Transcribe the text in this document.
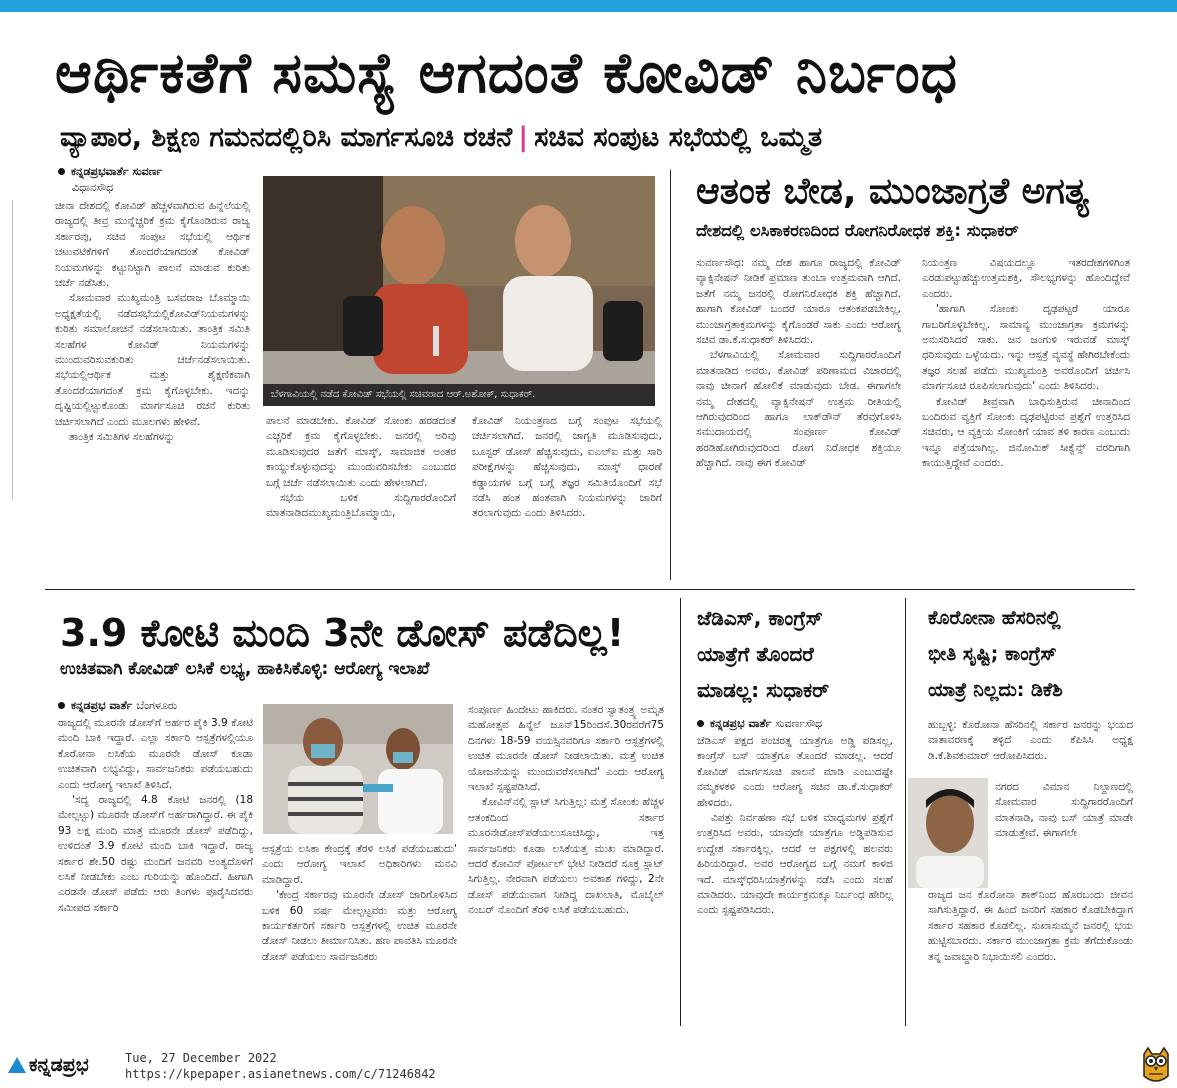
ಆರ್ಥಿಕತೆಗೆ ಸಮಸ್ಯೆ ಆಗದಂತೆ ಕೋವಿಡ್ ನಿರ್ಬಂಧ
ವ್ಯಾಪಾರ, ಶಿಕ್ಷಣ ಗಮನದಲ್ಲಿರಿಸಿ ಮಾರ್ಗಸೂಚಿ ರಚನೆ | ಸಚಿವ ಸಂಪುಟ ಸಭೆಯಲ್ಲಿ ಒಮ್ಮತ
ಕನ್ನಡಪ್ರಭವಾರ್ತೆ ಸುವರ್ಣ
ವಿಧಾನಸೌಧ

ಚೀನಾ ದೇಶದಲ್ಲಿ ಕೋವಿಡ್ ಹೆಚ್ಚಳವಾಗಿರುವ ಹಿನ್ನೆಲೆಯಲ್ಲಿ ರಾಜ್ಯದಲ್ಲಿ ತೀವ್ರ ಮುನ್ನೆಚ್ಚರಿಕೆ ಕ್ರಮ ಕೈಗೊಂಡಿರುವ ರಾಜ್ಯ ಸರ್ಕಾರವು, ಸಚಿವ ಸಂಪುಟ ಸಭೆಯಲ್ಲಿ ಆರ್ಥಿಕ ಚಟುವಟಿಕೆಗಳಿಗೆ ತೊಂದರೆಯಾಗದಂತೆ ಕೋವಿಡ್ ನಿಯಮಗಳನ್ನು ಕಟ್ಟುನಿಟ್ಟಾಗಿ ಪಾಲನೆ ಮಾಡುವ ಕುರಿತು ಚರ್ಚೆ ನಡೆಸಿತು.

ಸೋಮವಾರ ಮುಖ್ಯಮಂತ್ರಿ ಬಸವರಾಜ ಬೊಮ್ಮಾಯಿ ಅಧ್ಯಕ್ಷತೆಯಲ್ಲಿ ನಡೆದಸಭೆಯಲ್ಲಿಕೋವಿಡ್‌ನಿಯಮಗಳನ್ನು ಕುರಿತು ಸಮಾಲೋಚನೆ ನಡೆಸಲಾಯಿತು. ತಾಂತ್ರಿಕ ಸಮಿತಿ ಸಲಹೆಗಳ ಕೋವಿಡ್ ನಿಯಮಗಳನ್ನು ಮುಂದುವರಿಸುವಕುರಿತು ಚರ್ಚೆನಡೆಸಲಾಯಿತು. ಸಭೆಯಲ್ಲಿಆರ್ಥಿಕ ಮತ್ತು ಶೈಕ್ಷಣಿಕವಾಗಿ ತೊಂದರೆಯಾಗದಂತೆ ಕ್ರಮ ಕೈಗೊಳ್ಳಬೇಕು. ಇದನ್ನು ದೃಷ್ಟಿಯಲ್ಲಿಟ್ಟುಕೊಂಡು ಮಾರ್ಗಸೂಚಿ ರಚನೆ ಕುರಿತು ಚರ್ಚಿಸಲಾಗಿದೆ ಎಂದು ಮೂಲಗಳು ಹೇಳಿವೆ.

ತಾಂತ್ರಿಕ ಸಮಿತಿಗಳ ಸಲಹೆಗಳನ್ನು

ಬೆಳಗಾವಿಯಲ್ಲಿ ನಡೆದ ಕೋವಿಡ್ ಸಭೆಯಲ್ಲಿ ಸಚಿವರಾದ ಆರ್.ಅಶೋಕ್, ಸುಧಾಕರ್.

ಪಾಲನೆ ಮಾಡಬೇಕು. ಕೋವಿಡ್ ಸೋಂಕು ಹರಡದಂತೆ ಎಚ್ಚರಿಕೆ ಕ್ರಮ ಕೈಗೊಳ್ಳಬೇಕು. ಜನರಲ್ಲಿ ಅರಿವು ಮೂಡಿಸುವುದರ ಜತೆಗೆ ಮಾಸ್ಕ್, ಸಾಮಾಜಿಕ ಅಂತರ ಕಾಯ್ದುಕೊಳ್ಳುವುದನ್ನು ಮುಂದುವರಿಸಬೇಕು ಎಂಬುದರ ಬಗ್ಗೆ ಚರ್ಚೆ ನಡೆಸಲಾಯಿತು ಎಂದು ಹೇಳಲಾಗಿದೆ.

ಸಭೆಯ ಬಳಿಕ ಸುದ್ದಿಗಾರರೊಂದಿಗೆ ಮಾತನಾಡಿದಮುಖ್ಯಮಂತ್ರಿಬೊಮ್ಮಾಯಿ,

ಕೋವಿಡ್ ನಿಯಂತ್ರಣದ ಬಗ್ಗೆ ಸಂಪುಟ ಸಭೆಯಲ್ಲಿ ಚರ್ಚಿಸಲಾಗಿದೆ. ಜನರಲ್ಲಿ ಜಾಗೃತಿ ಮೂಡಿಸುವುದು, ಬೂಸ್ಟರ್ ಡೋಸ್ ಹೆಚ್ಚಿಸುವುದು, ಐಎಲ್‌ಐ ಮತ್ತು ಸಾರಿ ಪರೀಕ್ಷೆಗಳನ್ನು ಹೆಚ್ಚಿಸುವುದು, ಮಾಸ್ಕ್ ಧಾರಣೆ ಕಡ್ಡಾಯಗಳ ಬಗ್ಗೆ ಬಗ್ಗೆ ತಜ್ಞರ ಸಮಿತಿಯೊಂದಿಗೆ ಸಭೆ ನಡೆಸಿ ಹಂತ ಹಂತವಾಗಿ ನಿಯಮಗಳನ್ನು ಜಾರಿಗೆ ತರಲಾಗುವುದು ಎಂದು ತಿಳಿಸಿದರು.

ಆತಂಕ ಬೇಡ, ಮುಂಜಾಗ್ರತೆ ಅಗತ್ಯ
ದೇಶದಲ್ಲಿ ಲಸಿಕಾಕರಣದಿಂದ ರೋಗನಿರೋಧಕ ಶಕ್ತಿ: ಸುಧಾಕರ್

ಸುವರ್ಣಸೌಧ: ನಮ್ಮ ದೇಶ ಹಾಗೂ ರಾಜ್ಯದಲ್ಲಿ ಕೋವಿಡ್ ವ್ಯಾಕ್ಸಿನೇಷನ್ ನೀಡಿಕೆ ಪ್ರಮಾಣ ತುಂಬಾ ಉತ್ತಮವಾಗಿ ಆಗಿದೆ. ಜತೆಗೆ ನಮ್ಮ ಜನರಲ್ಲಿ ರೋಗನಿರೋಧಕ ಶಕ್ತಿ ಹೆಚ್ಚಾಗಿದೆ. ಹಾಗಾಗಿ ಕೋವಿಡ್ ಬಂದರೆ ಯಾರೂ ಆತಂಕಪಡಬೇಕಿಲ್ಲ, ಮುಂಜಾಗ್ರತಾಕ್ರಮಗಳನ್ನು ಕೈಗೊಂಡರೆ ಸಾಕು ಎಂದು ಆರೋಗ್ಯ ಸಚಿವ ಡಾ.ಕೆ.ಸುಧಾಕರ್ ತಿಳಿಸಿದರು.

ಬೆಳಗಾವಿಯಲ್ಲಿ ಸೋಮವಾರ ಸುದ್ದಿಗಾರರೊಂದಿಗೆ ಮಾತನಾಡಿದ ಅವರು, ಕೋವಿಡ್ ಪರಿಣಾಮದ ವಿಚಾರದಲ್ಲಿ ನಾವು ಚೀನಾಗೆ ಹೋಲಿಕೆ ಮಾಡುವುದು ಬೇಡ. ಈಗಾಗಲೇ ನಮ್ಮ ದೇಶದಲ್ಲಿ ವ್ಯಾಕ್ಸಿನೇಷನ್ ಉತ್ತಮ ರೀತಿಯಲ್ಲಿ ಆಗಿರುವುದರಿಂದ ಹಾಗೂ ಲಾಕ್‌ಡೌನ್ ತೆರವುಗೊಳಿಸಿ ಸಮುದಾಯದಲ್ಲಿ ಸಂಪೂರ್ಣ ಕೋವಿಡ್ ಹರಡಿಹೋಗಿರುವುದರಿಂದ ರೋಗ ನಿರೋಧಕ ಶಕ್ತಿಯೂ ಹೆಚ್ಚಾಗಿದೆ. ನಾವು ಈಗ ಕೋವಿಡ್

ನಿಯಂತ್ರಣ ವಿಷಯದಲ್ಲೂ ಇತರದೇಶಗಳಿಗಿಂತ ಎರಡುಪಟ್ಟುಹೆಚ್ಚುಉತ್ತಮಶಕ್ತಿ, ಸೌಲಭ್ಯಗಳನ್ನು ಹೊಂದಿದ್ದೇವೆ ಎಂದರು.

'ಹಾಗಾಗಿ ಸೋಂಕು ದೃಢಪಟ್ಟರೆ ಯಾರೂ ಗಾಬರಿಗೊಳ್ಳಬೇಕಿಲ್ಲ. ಸಾಮಾನ್ಯ ಮುಂಜಾಗ್ರತಾ ಕ್ರಮಗಳನ್ನು ಅನುಸರಿಸಿದರೆ ಸಾಕು. ಜನ ಜಂಗುಳಿ ಇರುವಡೆ ಮಾಸ್ಕ್ ಧರಿಸುವುದು ಒಳ್ಳೆಯದು. ಇನ್ನು ಆಸ್ಪತ್ರೆ ವ್ಯವಸ್ಥೆ ಹೇಗಿರಬೇಕೆಂದು ತಜ್ಞರ ಸಲಹೆ ಪಡೆದು ಮುಖ್ಯಮಂತ್ರಿ ಅವರೊಂದಿಗೆ ಚರ್ಚಿಸಿ ಮಾರ್ಗಸೂಚಿ ರೂಪಿಸಲಾಗುವುದು' ಎಂದು ತಿಳಿಸಿದರು.

ಕೋವಿಡ್ ತೀವ್ರವಾಗಿ ಬಾಧಿಸುತ್ತಿರುವ ಚೀನಾದಿಂದ ಬಂದಿರುವ ವ್ಯಕ್ತಿಗೆ ಸೋಂಕು ದೃಢಪಟ್ಟಿರುವ ಪ್ರಶ್ನೆಗೆ ಉತ್ತರಿಸಿದ ಸಚಿವರು, ಆ ವ್ಯಕ್ತಿಯ ಸೋಂಕಿಗೆ ಯಾವ ತಳಿ ಕಾರಣ ಎಂಬುದು ಇನ್ನೂ ಪತ್ತೆಯಾಗಿಲ್ಲ. ಜಿನೋಮಿಕ್ ಸೀಕ್ವೆನ್ಸ್ ವರದಿಗಾಗಿ ಕಾಯುತ್ತಿದ್ದೇವೆ ಎಂದರು.

3.9 ಕೋಟಿ ಮಂದಿ 3ನೇ ಡೋಸ್ ಪಡೆದಿಲ್ಲ!
ಉಚಿತವಾಗಿ ಕೋವಿಡ್ ಲಸಿಕೆ ಲಭ್ಯ, ಹಾಕಿಸಿಕೊಳ್ಳಿ: ಆರೋಗ್ಯ ಇಲಾಖೆ
ಕನ್ನಡಪ್ರಭ ವಾರ್ತೆ ಬೆಂಗಳೂರು

ರಾಜ್ಯದಲ್ಲಿ ಮೂರನೇ ಡೋಸ್‌ಗೆ ಅರ್ಹರ ಪೈಕಿ 3.9 ಕೋಟಿ ಮಂದಿ ಬಾಕಿ ಇದ್ದಾರೆ. ಎಲ್ಲಾ ಸರ್ಕಾರಿ ಆಸ್ಪತ್ರೆಗಳಲ್ಲಿಯೂ ಕೊರೋನಾ ಲಸಿಕೆಯ ಮೂರನೇ ಡೋಸ್ ಕೂಡಾ ಉಚಿತವಾಗಿ ಲಭ್ಯವಿದ್ದು, ಸಾರ್ವಜನಿಕರು ಪಡೆಯಬಹುದು ಎಂದು ಆರೋಗ್ಯ ಇಲಾಖೆ ತಿಳಿಸಿದೆ.

'ಸದ್ಯ ರಾಜ್ಯದಲ್ಲಿ 4.8 ಕೋಟಿ ಜನರಲ್ಲಿ (18 ಮೇಲ್ಪಟ್ಟು) ಮೂರನೇ ಡೋಸ್‌ಗೆ ಅರ್ಹರಾಗಿದ್ದಾರೆ. ಈ ಪೈಕಿ 93 ಲಕ್ಷ ಮಂದಿ ಮಾತ್ರ ಮೂರನೇ ಡೋಸ್ ಪಡೆದಿದ್ದು, ಉಳಿದಂತೆ 3.9 ಕೋಟಿ ಮಂದಿ ಬಾಕಿ ಇದ್ದಾರೆ. ರಾಜ್ಯ ಸರ್ಕಾರ ಶೇ.50 ರಷ್ಟು ಮಂದಿಗೆ ಜನವರಿ ಅಂತ್ಯದೊಳಗೆ ಲಸಿಕೆ ನೀಡಬೇಕು ಎಂಬ ಗುರಿಯನ್ನು ಹೊಂದಿದೆ. ಹೀಗಾಗಿ ಎರಡನೇ ಡೋಸ್ ಪಡೆದು ಆರು ತಿಂಗಳು ಪೂರೈಸಿದವರು ಸಮೀಪದ ಸರ್ಕಾರಿ

ಆಸ್ಪತ್ರೆಯ ಲಸಿಕಾ ಕೇಂದ್ರಕ್ಕೆ ತೆರಳಿ ಲಸಿಕೆ ಪಡೆಯಬಹುದು' ಎಂದು ಆರೋಗ್ಯ ಇಲಾಖೆ ಅಧಿಕಾರಿಗಳು ಮನವಿ ಮಾಡಿದ್ದಾರೆ.

'ಕೇಂದ್ರ ಸರ್ಕಾರವು ಮೂರನೇ ಡೋಸ್ ಜಾರಿಗೊಳಿಸಿದ ಬಳಿಕ 60 ವರ್ಷ ಮೇಲ್ಪಟ್ಟವರು ಮತ್ತು ಆರೋಗ್ಯ ಕಾರ್ಯಕರ್ತರಿಗೆ ಸರ್ಕಾರಿ ಆಸ್ಪತ್ರೆಗಳಲ್ಲಿ ಉಚಿತ ಮೂರನೇ ಡೋಸ್ ನೀಡಲು ತೀರ್ಮಾನಿಸಿತು. ಹಣ ಪಾವತಿಸಿ ಮೂರನೇ ಡೋಸ್ ಪಡೆಯಲು ಸಾರ್ವಜನಿಕರು

ಸಂಪೂರ್ಣ ಹಿಂದೇಟು ಹಾಕಿದರು. ನಂತರ ಸ್ವಾತಂತ್ರ್ಯ ಅಮೃತ ಮಹೋತ್ಸವ ಹಿನ್ನೆಲೆ ಜೂನ್15ರಿಂದಸೆ.30ರವರೆಗೆ75 ದಿನಗಳು 18-59 ವಯಸ್ಸಿನವರಿಗೂ ಸರ್ಕಾರಿ ಆಸ್ಪತ್ರೆಗಳಲ್ಲಿ ಉಚಿತ ಮೂರನೇ ಡೋಸ್ ನೀಡಲಾಯಿತು. ಮತ್ತೆ ಉಚಿತ ಯೋಜನೆಯನ್ನು ಮುಂದುವರೆಸಲಾಗಿದೆ' ಎಂದು ಆರೋಗ್ಯ ಇಲಾಖೆ ಸ್ಪಷ್ಟಪಡಿಸಿದೆ.

ಕೋವಿನ್‌ನಲ್ಲಿ ಸ್ಲಾಟ್ ಸಿಗುತ್ತಿಲ್ಲ: ಮತ್ತೆ ಸೋಂಕು ಹೆಚ್ಚಳ ಆತಂಕದಿಂದ ಸರ್ಕಾರ ಮೂರನೇಡೋಸ್‌ಪಡೆಯಲುಸೂಚಿಸಿದ್ದು, ಇತ್ತ ಸಾರ್ವಜನಿಕರು ಕೂಡಾ ಲಸಿಕೆಯತ್ತ ಮುಖ ಮಾಡಿದ್ದಾರೆ. ಆದರೆ ಕೋವಿನ್ ಪೋರ್ಟಲ್ ಭೇಟಿ ನೀಡಿದರೆ ಸೂಕ್ತ ಸ್ಲಾಟ್ ಸಿಗುತ್ತಿಲ್ಲ. ನೇರವಾಗಿ ಪಡೆಯಲು ಅವಕಾಶ ಗಳಿದ್ದು, 2ನೇ ಡೋಸ್ ಪಡೆಯುವಾಗ ನೀಡಿದ್ದ ದಾಖಲಾತಿ, ಮೊಬೈಲ್ ನಂಬರ್ ನೊಂದಿಗೆ ತೆರಳಿ ಲಸಿಕೆ ಪಡೆಯಬಹುದು.

ಜೆಡಿಎಸ್, ಕಾಂಗ್ರೆಸ್
ಯಾತ್ರೆಗೆ ತೊಂದರೆ
ಮಾಡಲ್ಲ: ಸುಧಾಕರ್
ಕನ್ನಡಪ್ರಭ ವಾರ್ತೆ ಸುವರ್ಣಸೌಧ

ಜೆಡಿಎಸ್ ಪಕ್ಷದ ಪಂಚರತ್ನ ಯಾತ್ರೆಗೂ ಅಡ್ಡಿ ಪಡಿಸಲ್ಲ, ಕಾಂಗ್ರೆಸ್ ಬಸ್ ಯಾತ್ರೆಗೂ ತೊಂದರೆ ಮಾಡಲ್ಲ. ಆದರೆ ಕೋವಿಡ್ ಮಾರ್ಗಸೂಚಿ ಪಾಲನೆ ಮಾಡಿ ಎಂಬುದಷ್ಟೇ ನಮ್ಮಕಳಕಳಿ ಎಂದು ಆರೋಗ್ಯ ಸಚಿವ ಡಾ.ಕೆ.ಸುಧಾಕರ್ ಹೇಳಿದರು.

ವಿಪತ್ತು ನಿರ್ವಹಣಾ ಸಭೆ ಬಳಿಕ ಮಾಧ್ಯಮಗಳ ಪ್ರಶ್ನೆಗೆ ಉತ್ತರಿಸಿದ ಅವರು, ಯಾವುದೇ ಯಾತ್ರೆಗೂ ಅಡ್ಡಿಪಡಿಸುವ ಉದ್ದೇಶ ಸರ್ಕಾರಕ್ಕಿಲ್ಲ. ಆದರೆ ಆ ಪಕ್ಷಗಳಲ್ಲಿ ಹಲವರು ಹಿರಿಯರಿದ್ದಾರೆ. ಅವರ ಆರೋಗ್ಯದ ಬಗ್ಗೆ ನಮಗೆ ಕಾಳಜಿ ಇದೆ. ಮಾಸ್ಕ್‌ಧರಿಸಿಯಾತ್ರೆಗಳನ್ನು ನಡೆಸಿ ಎಂದು ಸಲಹೆ ಮಾಡಿದರು. ಯಾವುದೇ ಕಾರ್ಯಕ್ರಮಕ್ಕೂ ನಿರ್ಬಂಧ ಹೇರಿಲ್ಲ ಎಂದು ಸ್ಪಷ್ಟಪಡಿಸಿದರು.

ಕೊರೋನಾ ಹೆಸರಿನಲ್ಲಿ
ಭೀತಿ ಸೃಷ್ಟಿ; ಕಾಂಗ್ರೆಸ್
ಯಾತ್ರೆ ನಿಲ್ಲದು: ಡಿಕೆಶಿ

ಹುಬ್ಬಳ್ಳಿ: ಕೊರೋನಾ ಹೆಸರಿನಲ್ಲಿ ಸರ್ಕಾರ ಜನರನ್ನು ಭಯದ ವಾತಾವರಣಕ್ಕೆ ತಳ್ಳಿದೆ ಎಂದು ಕೆಪಿಸಿಸಿ ಅಧ್ಯಕ್ಷ ಡಿ.ಕೆ.ಶಿವಕುಮಾರ್ ಆರೋಪಿಸಿದರು.

ನಗರದ ವಿಮಾನ ನಿಲ್ದಾಣದಲ್ಲಿ ಸೋಮವಾರ ಸುದ್ದಿಗಾರರೊಂದಿಗೆ ಮಾತನಾಡಿ, ನಾವು ಬಸ್ ಯಾತ್ರೆ ಮಾಡೇ ಮಾಡುತ್ತೇವೆ. ಈಗಾಗಲೇ

ರಾಜ್ಯದ ಜನ ಕೊರೋನಾ ಶಾಕ್‌ನಿಂದ ಹೊರಬಂದು ಜೀವನ ಸಾಗಿಸುತ್ತಿದ್ದಾರೆ. ಈ ಹಿಂದೆ ಜನರಿಗೆ ಸಹಕಾರ ಕೊಡಬೇಕಿದ್ದಾಗ ಸರ್ಕಾರ ಸಹಕಾರ ಕೊಡಲಿಲ್ಲ. ಸುಖಾಸುಮ್ಮನೆ ಜನರಲ್ಲಿ ಭಯ ಹುಟ್ಟಿಸಬಾರದು. ಸರ್ಕಾರ ಮುಂಜಾಗ್ರತಾ ಕ್ರಮ ತೆಗೆದುಕೊಂಡು ತನ್ನ ಜವಾಬ್ದಾರಿ ನಿಭಾಯಿಸಲಿ ಎಂದರು.

ಕನ್ನಡಪ್ರಭ	Tue, 27 December 2022
https://kpepaper.asianetnews.com/c/71246842
